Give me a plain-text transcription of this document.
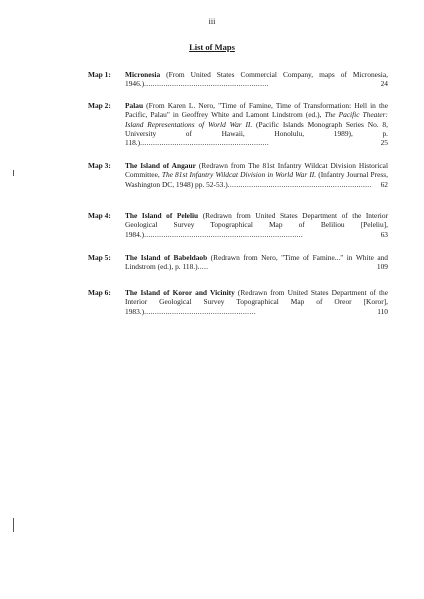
iii
List of Maps
Map 1:	Micronesia (From United States Commercial Company, maps of Micronesia, 1946.)..........................................................	24
Map 2:	Palau (From Karen L. Nero, "Time of Famine, Time of Transformation: Hell in the Pacific, Palau" in Geoffrey White and Lamont Lindstrom (ed.), The Pacific Theater: Island Representations of World War II. (Pacific Islands Monograph Series No. 8, University of Hawaii, Honolulu, 1989), p. 118.)............................................................	25
Map 3:	The Island of Angaur (Redrawn from The 81st Infantry Wildcat Division Historical Committee, The 81st Infantry Wildcat Division in World War II. (Infantry Journal Press, Washington DC, 1948) pp. 52-53.)................................................................... 62
Map 4:	The Island of Peleliu (Redrawn from United States Department of the Interior Geological Survey Topographical Map of Beliliou [Peleliu], 1984.)..........................................................................	63
Map 5:	The Island of Babeldaob (Redrawn from Nero, "Time of Famine..." in White and Lindstrom (ed.), p. 118.).....	109
Map 6:	The Island of Koror and Vicinity (Redrawn from United States Department of the Interior Geological Survey Topographical Map of Oreor [Koror], 1983.)....................................................	110
